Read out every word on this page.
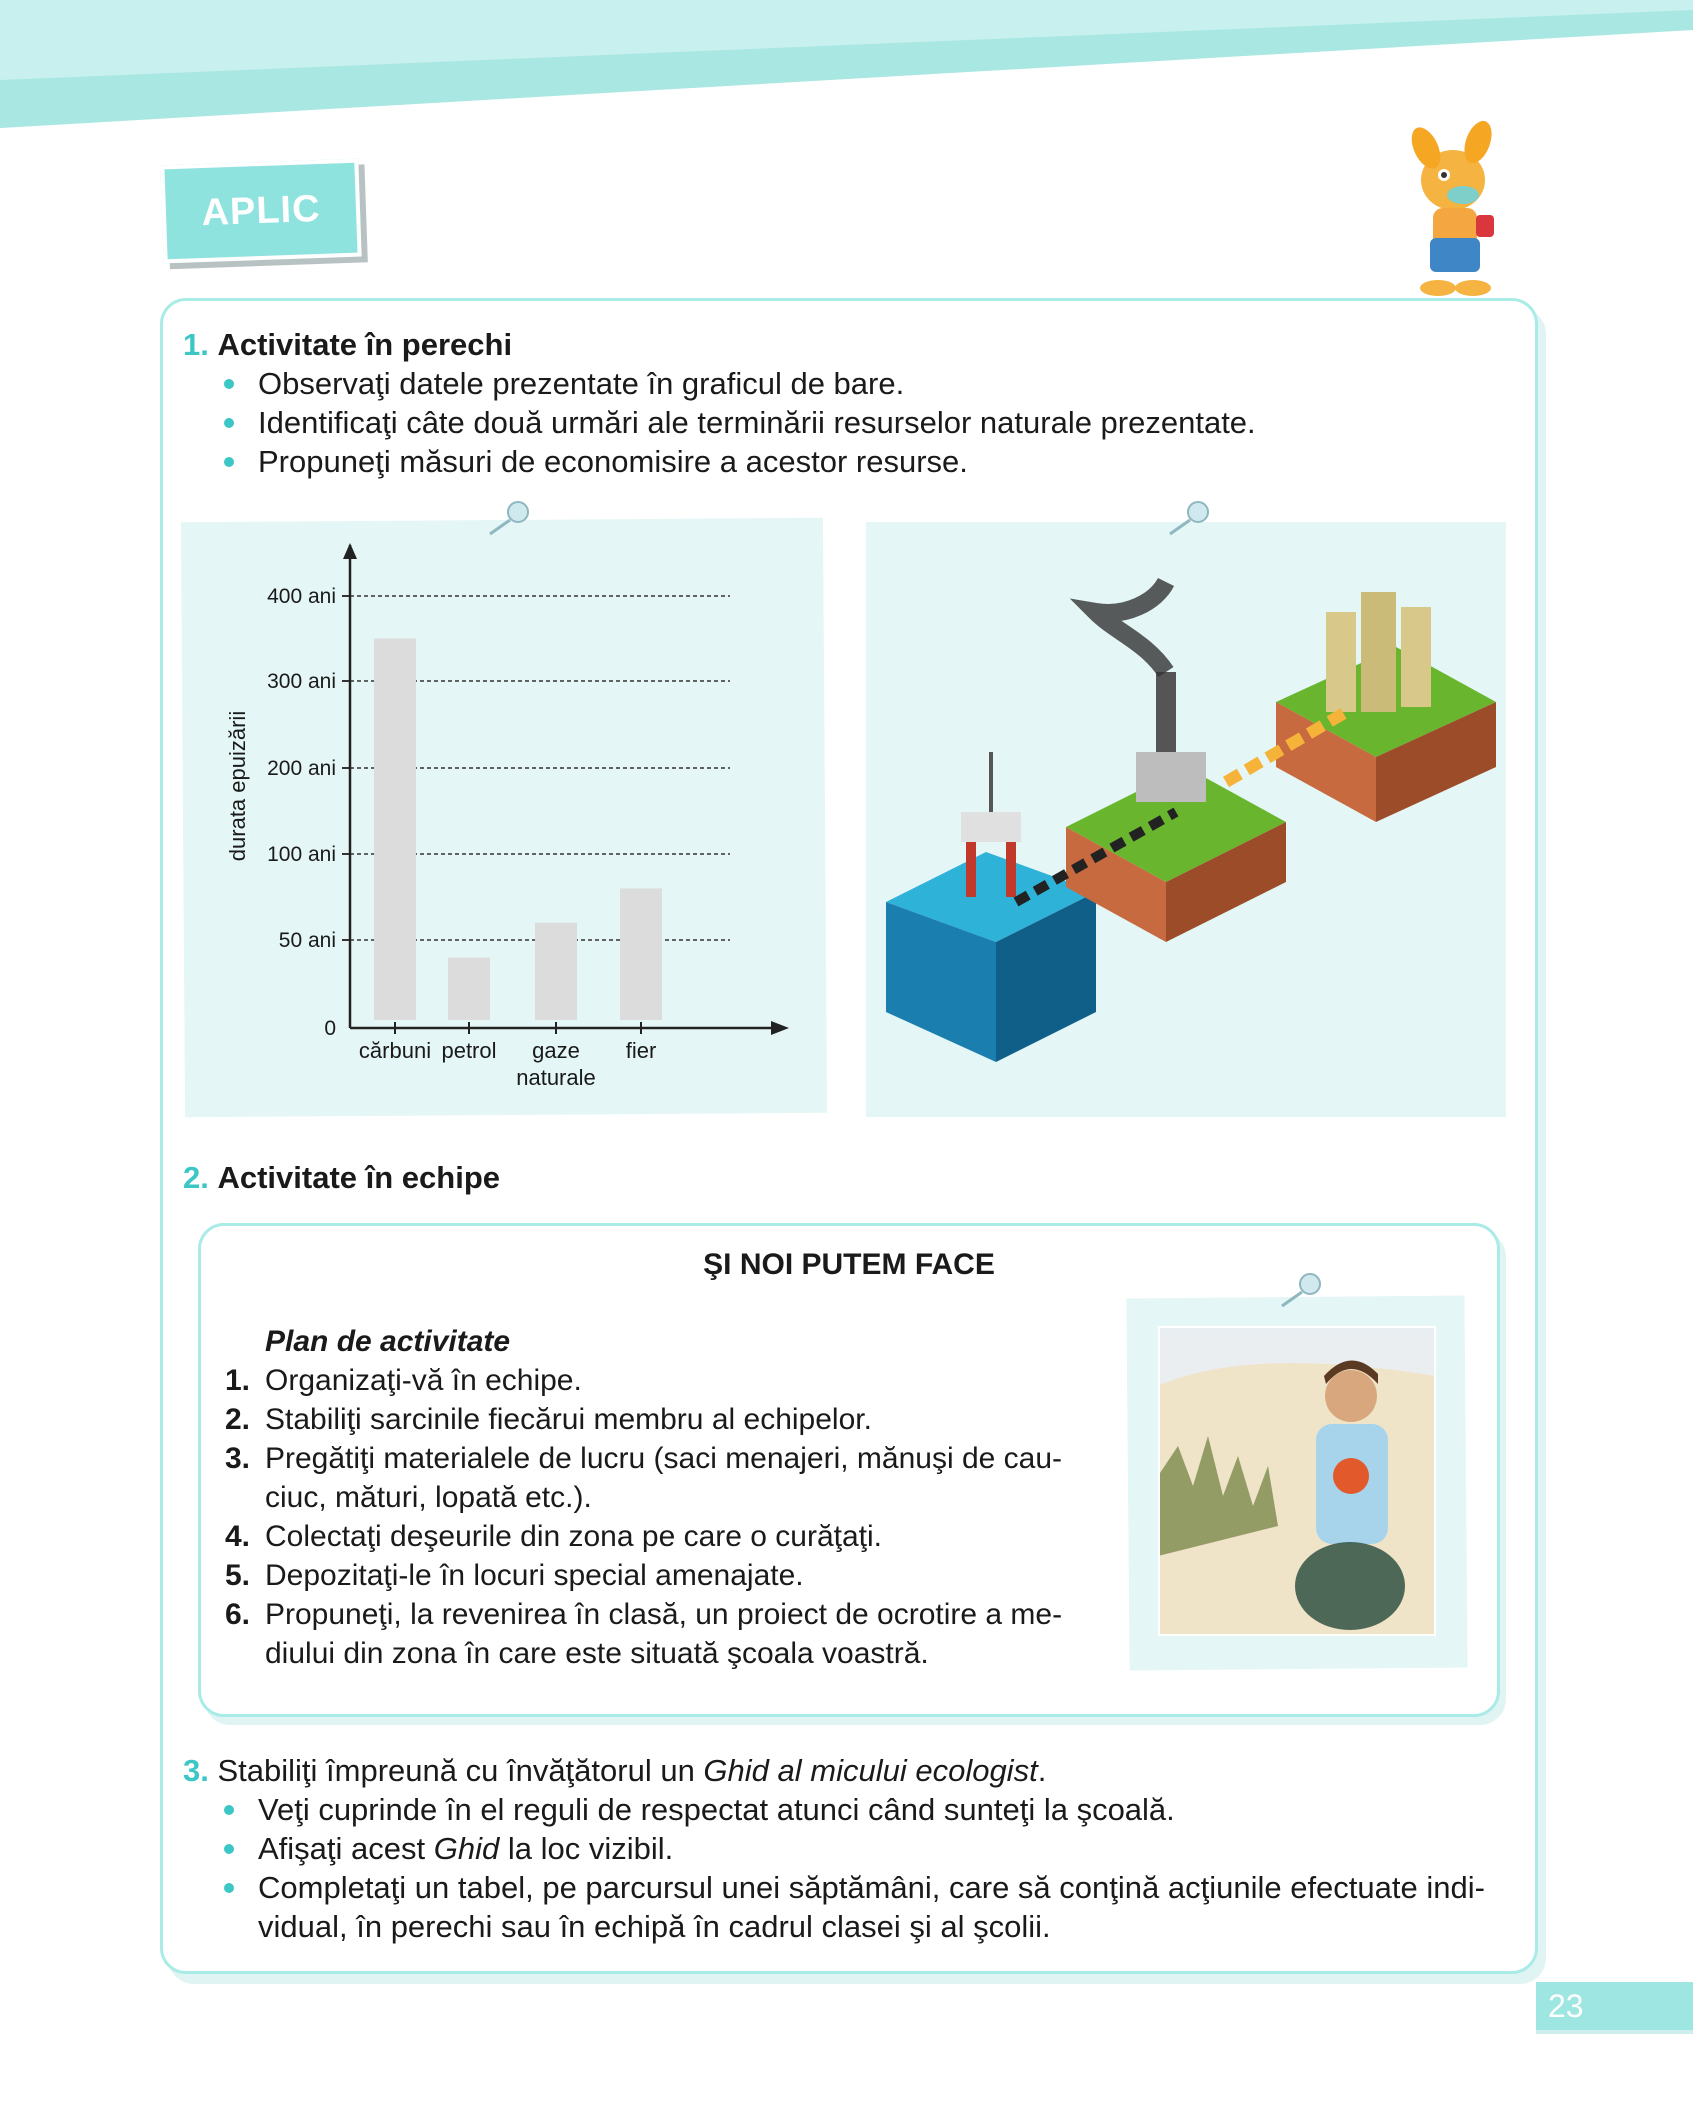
APLIC
1. Activitate în perechi
Observaţi datele prezentate în graficul de bare.
Identificaţi câte două urmări ale terminării resurselor naturale prezentate.
Propuneţi măsuri de economisire a acestor resurse.
0
50 ani
100 ani
200 ani
300 ani
400 ani
cărbuni petrol gaze
naturale
fier
durata epuizării
2. Activitate în echipe
ŞI NOI PUTEM FACE
Plan de activitate
1. Organizaţi-vă în echipe.
2. Stabiliţi sarcinile fiecărui membru al echipelor.
3. Pregătiţi materialele de lucru (saci menajeri, mănuşi de cau-
ciuc, mături, lopată etc.).
4. Colectaţi deşeurile din zona pe care o curăţaţi.
5. Depozitaţi-le în locuri special amenajate.
6. Propuneţi, la revenirea în clasă, un proiect de ocrotire a me-
diului din zona în care este situată şcoala voastră.
3. Stabiliţi împreună cu învăţătorul un Ghid al micului ecologist.
Veţi cuprinde în el reguli de respectat atunci când sunteţi la şcoală.
Afişaţi acest Ghid la loc vizibil.
Completaţi un tabel, pe parcursul unei săptămâni, care să conţină acţiunile efectuate indi-
vidual, în perechi sau în echipă în cadrul clasei şi al şcolii.
23
